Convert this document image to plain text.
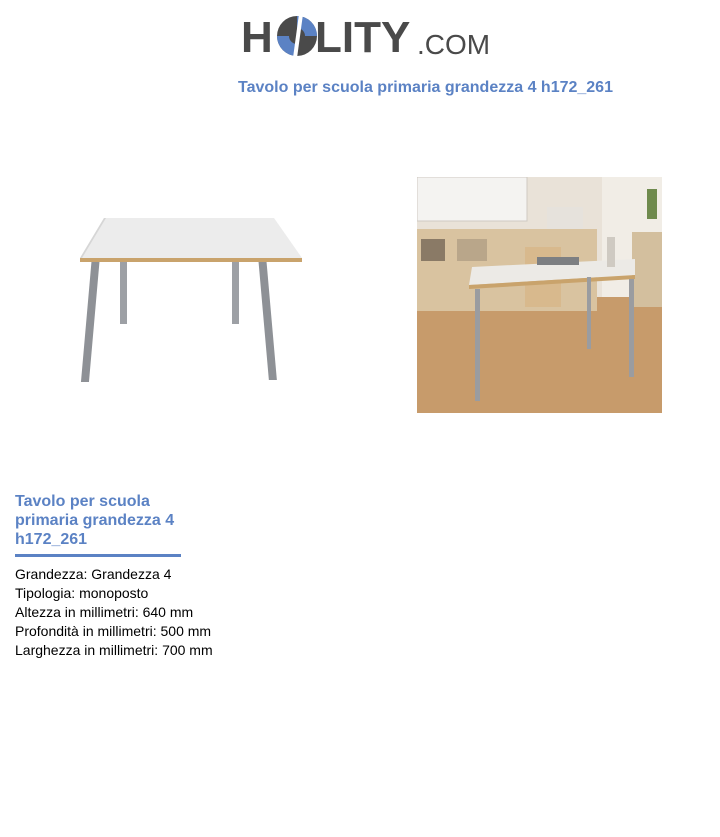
H LITY .COM
Tavolo per scuola primaria grandezza 4 h172_261
Tavolo per scuola primaria grandezza 4 h172_261
Grandezza: Grandezza 4
Tipologia: monoposto
Altezza in millimetri: 640 mm
Profondità in millimetri: 500 mm
Larghezza in millimetri: 700 mm
